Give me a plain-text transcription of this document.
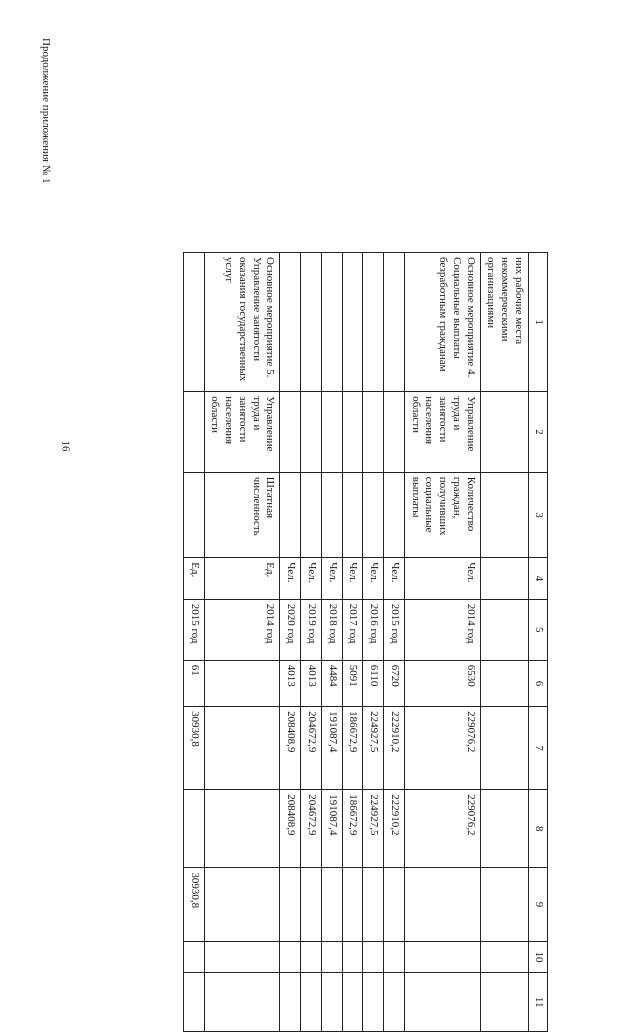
16
Продолжение приложения № 1
1	2	3	4	5	6	7	8	9	10	11
них рабочие места некоммерческими организациями										
Основное мероприятие 4. Социальные выплаты безработным гражданам	Управление труда и занятости населения области	Количество граждан, получивших социальные выплаты	Чел.	2014 год	6530	229076,2	229076,2			
			Чел.	2015 год	6720	222910,2	222910,2			
			Чел.	2016 год	6110	224927,5	224927,5			
			Чел.	2017 год	5091	186672,9	186672,9			
			Чел.	2018 год	4484	191087,4	191087,4			
			Чел.	2019 год	4013	204672,9	204672,9			
			Чел.	2020 год	4013	208408,9	208408,9			
Основное мероприятие 5. Управление занятости оказания государственных услуг	Управление труда и занятости населения области	Штатная численность	Ед.	2014 год						
			Ед.	2015 год	61	30930,8		30930,8		
